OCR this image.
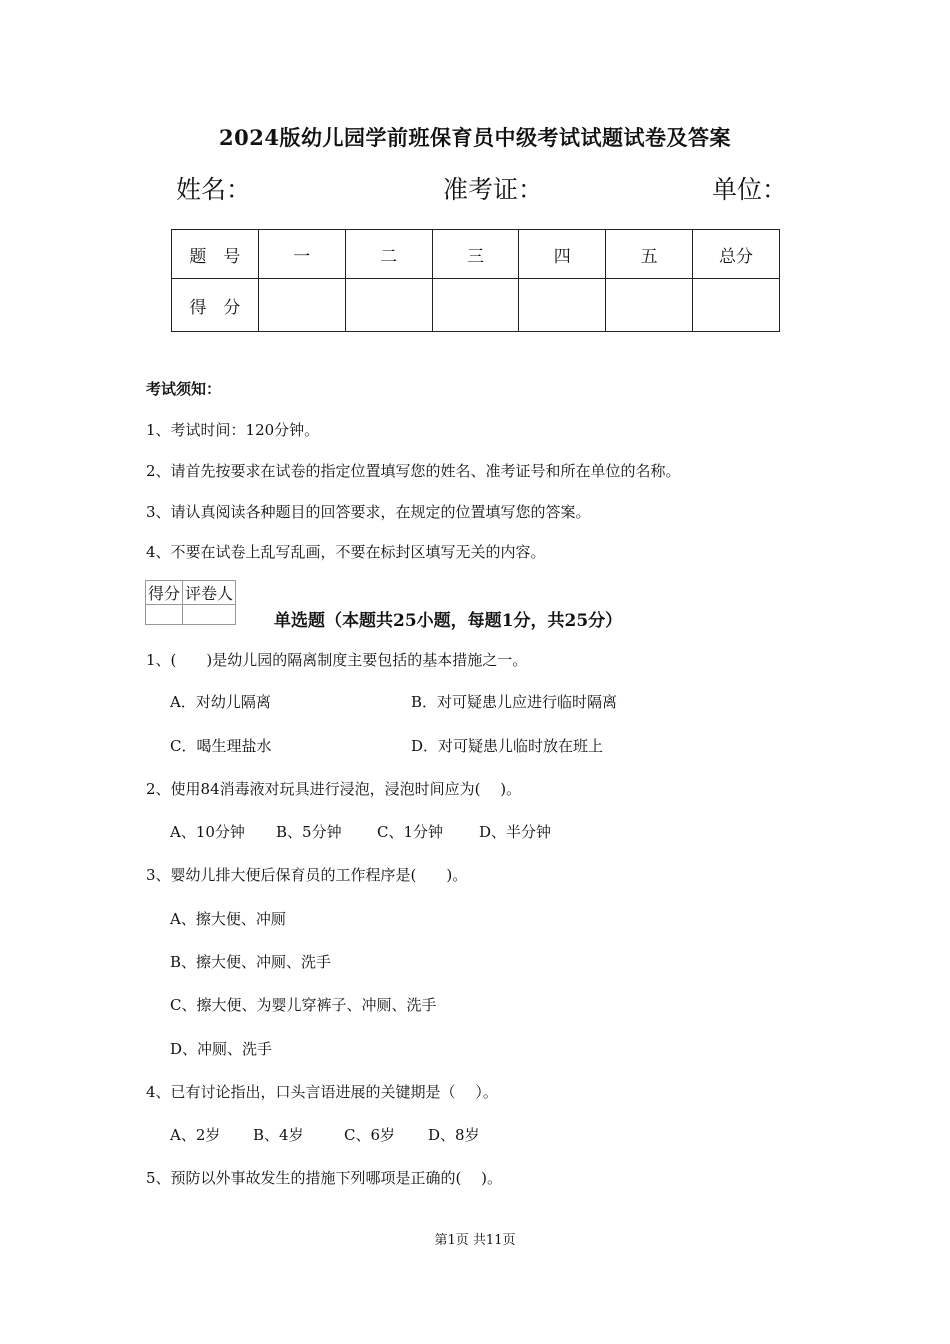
2024版幼儿园学前班保育员中级考试试题试卷及答案
姓名：	准考证：	单位：
题　号	一	二	三	四	五	总分
得　分						
考试须知：
1、考试时间：120分钟。
2、请首先按要求在试卷的指定位置填写您的姓名、准考证号和所在单位的名称。
3、请认真阅读各种题目的回答要求，在规定的位置填写您的答案。
4、不要在试卷上乱写乱画，不要在标封区填写无关的内容。
得分	评卷人

单选题（本题共25小题，每题1分，共25分）
1、(　　)是幼儿园的隔离制度主要包括的基本措施之一。
A．对幼儿隔离	B．对可疑患儿应进行临时隔离
C．喝生理盐水	D．对可疑患儿临时放在班上
2、使用84消毒液对玩具进行浸泡，浸泡时间应为(　 )。
A、10分钟 B、5分钟 C、1分钟 D、半分钟
3、婴幼儿排大便后保育员的工作程序是(　　)。
A、擦大便、冲厕
B、擦大便、冲厕、洗手
C、擦大便、为婴儿穿裤子、冲厕、洗手
D、冲厕、洗手
4、已有讨论指出，口头言语进展的关键期是（　 ）。
A、2岁 B、4岁	C、6岁 D、8岁
5、预防以外事故发生的措施下列哪项是正确的(　 )。
第1页 共11页
